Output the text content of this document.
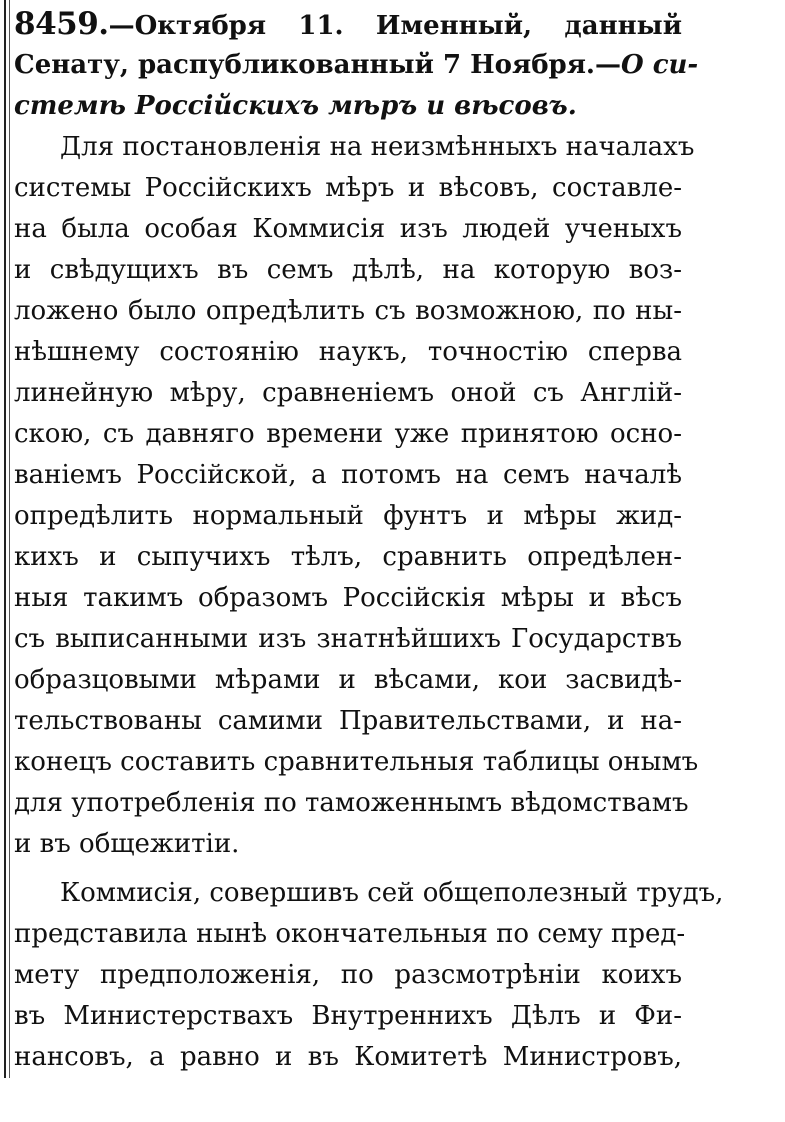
8459.—Октября 11. Именный, данный
Сенату, распубликованный 7 Ноября.—О си-
стемѣ Россійскихъ мѣръ и вѣсовъ.
Для постановленія на неизмѣнныхъ началахъ
системы Россійскихъ мѣръ и вѣсовъ, составле-
на была особая Коммисія изъ людей ученыхъ
и свѣдущихъ въ семъ дѣлѣ, на которую воз-
ложено было опредѣлить съ возможною, по ны-
нѣшнему состоянію наукъ, точностію сперва
линейную мѣру, сравненіемъ оной съ Англій-
скою, съ давняго времени уже принятою осно-
ваніемъ Россійской, а потомъ на семъ началѣ
опредѣлить нормальный фунтъ и мѣры жид-
кихъ и сыпучихъ тѣлъ, сравнить опредѣлен-
ныя такимъ образомъ Россійскія мѣры и вѣсъ
съ выписанными изъ знатнѣйшихъ Государствъ
образцовыми мѣрами и вѣсами, кои засвидѣ-
тельствованы самими Правительствами, и на-
конецъ составить сравнительныя таблицы онымъ
для употребленія по таможеннымъ вѣдомствамъ
и въ общежитіи.
Коммисія, совершивъ сей общеполезный трудъ,
представила нынѣ окончательныя по сему пред-
мету предположенія, по разсмотрѣніи коихъ
въ Министерствахъ Внутреннихъ Дѣлъ и Фи-
нансовъ, а равно и въ Комитетѣ Министровъ,
